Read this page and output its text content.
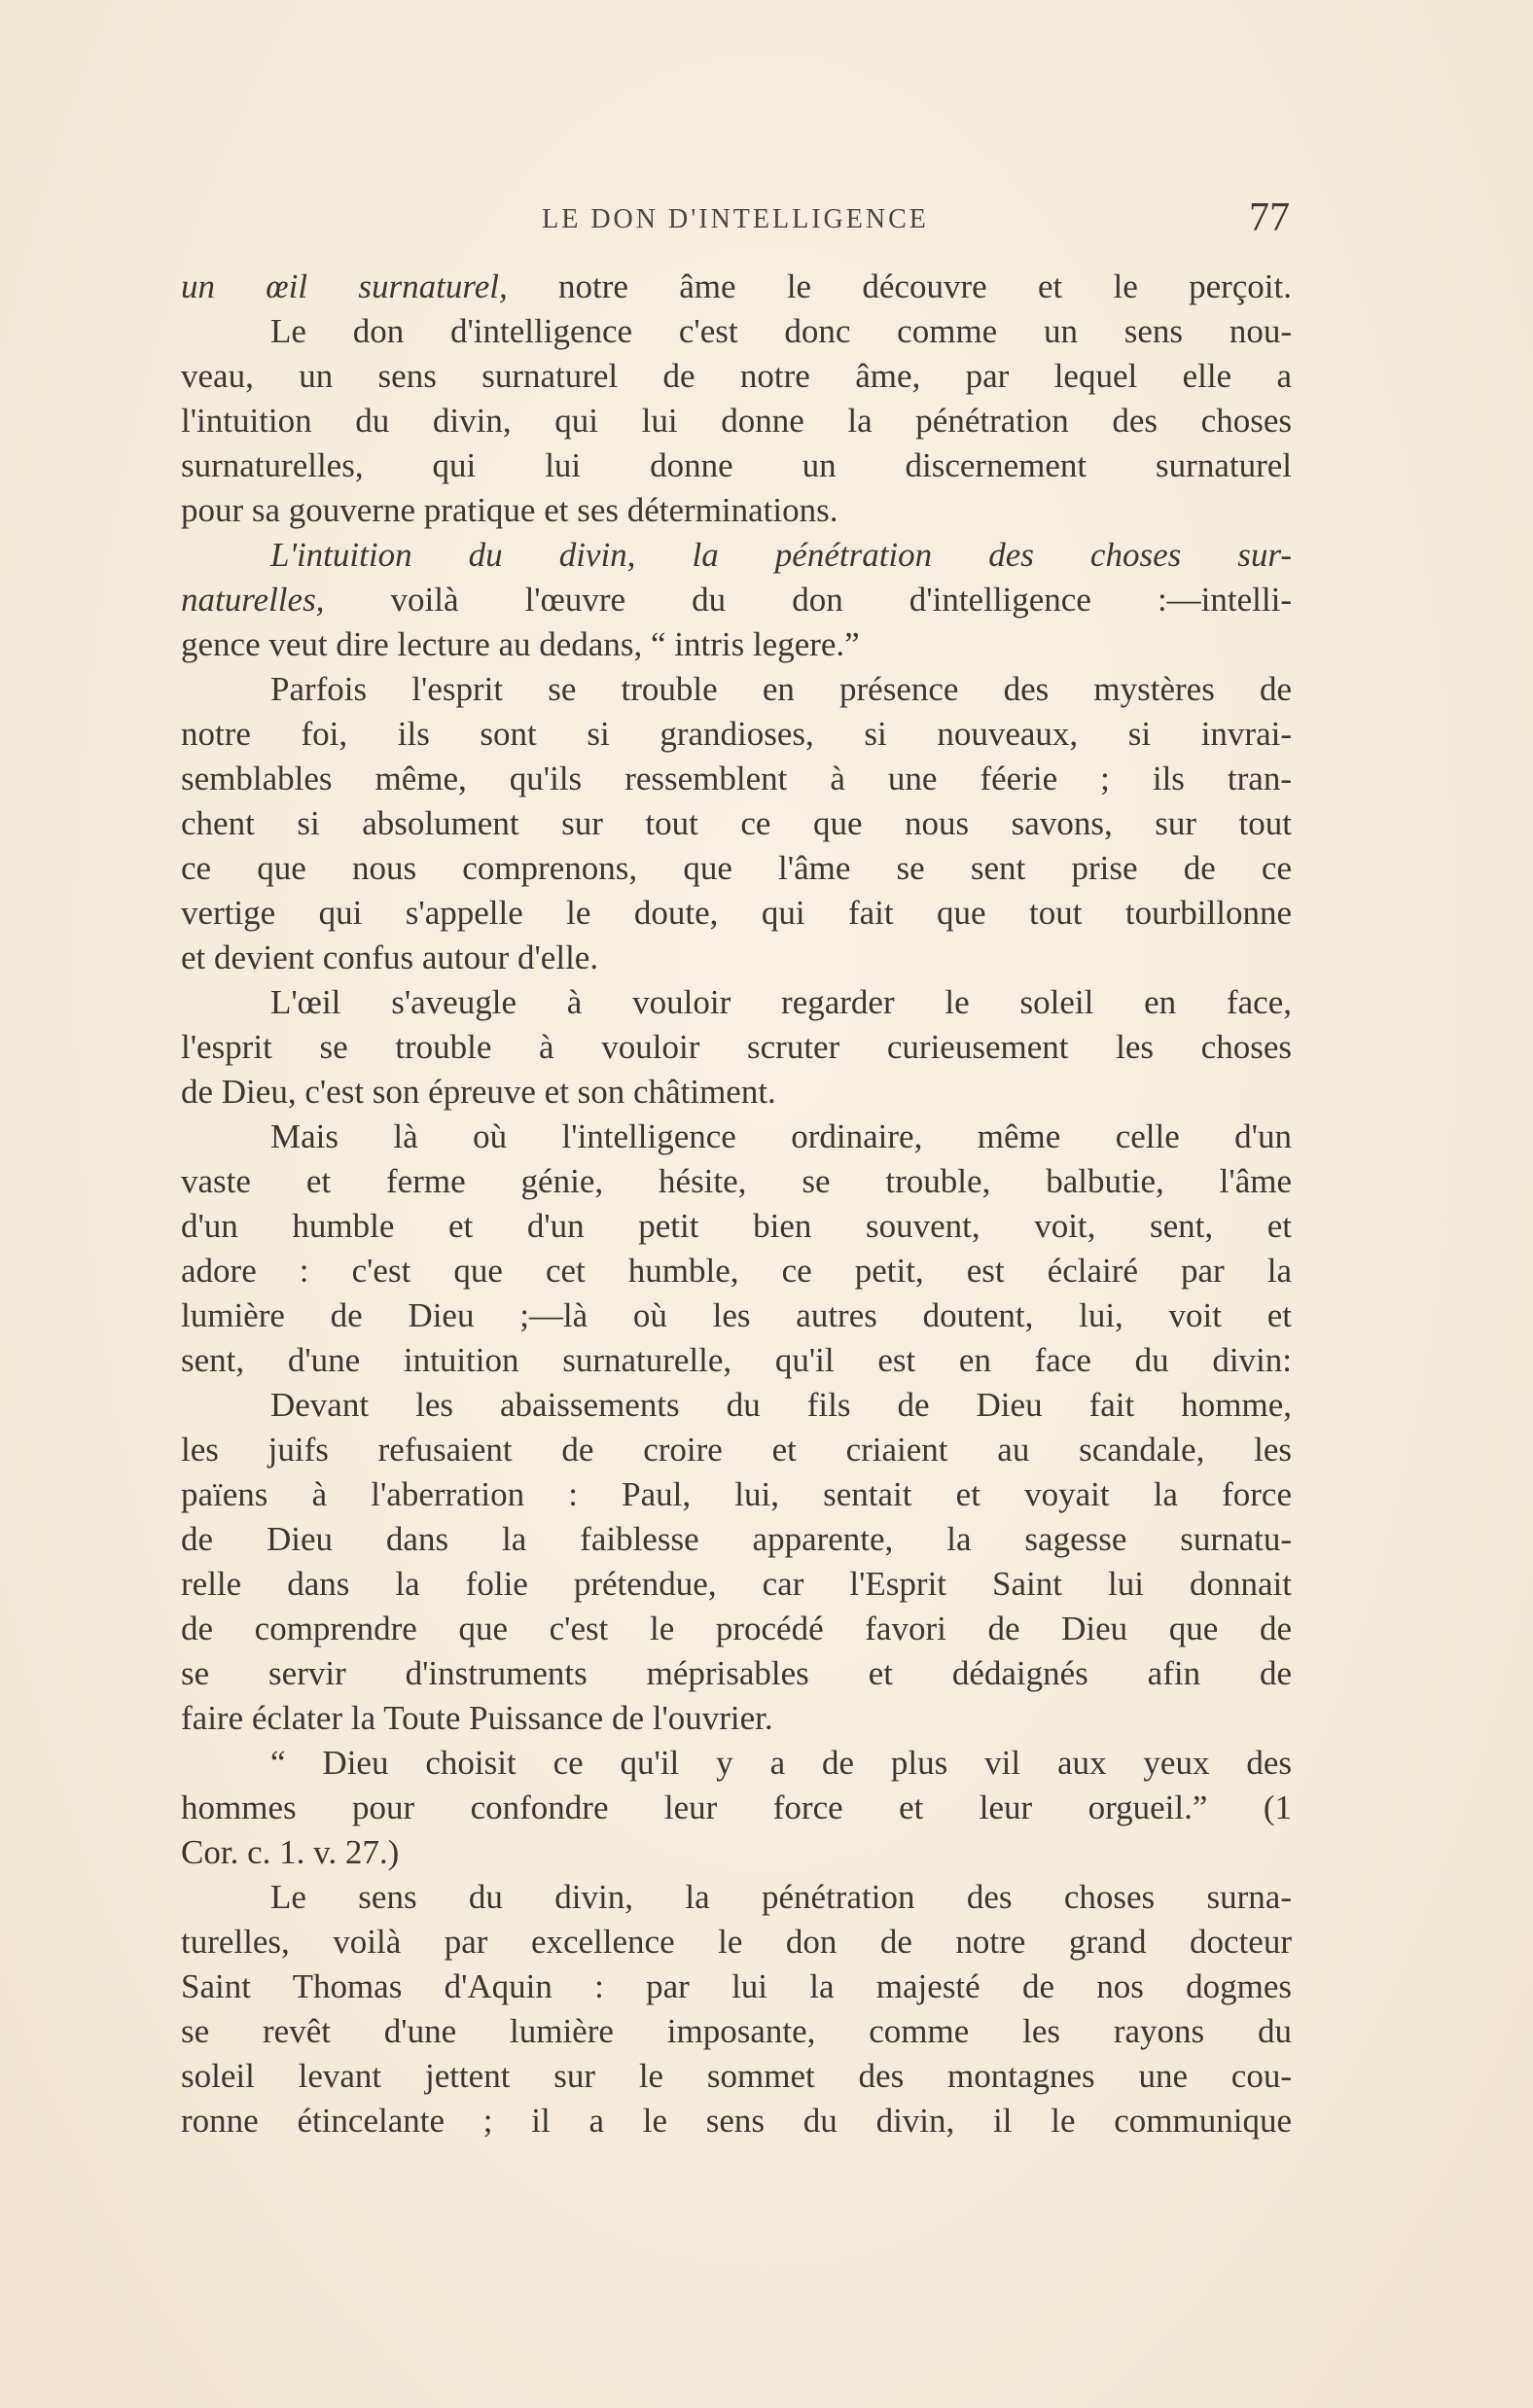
LE DON D'INTELLIGENCE	77
un œil surnaturel, notre âme le découvre et le perçoit.
Le don d'intelligence c'est donc comme un sens nou-
veau, un sens surnaturel de notre âme, par lequel elle a
l'intuition du divin, qui lui donne la pénétration des choses
surnaturelles, qui lui donne un discernement surnaturel
pour sa gouverne pratique et ses déterminations.
L'intuition du divin, la pénétration des choses sur-
naturelles, voilà l'œuvre du don d'intelligence :—intelli-
gence veut dire lecture au dedans, “ intris legere.”
Parfois l'esprit se trouble en présence des mystères de
notre foi, ils sont si grandioses, si nouveaux, si invrai-
semblables même, qu'ils ressemblent à une féerie ; ils tran-
chent si absolument sur tout ce que nous savons, sur tout
ce que nous comprenons, que l'âme se sent prise de ce
vertige qui s'appelle le doute, qui fait que tout tourbillonne
et devient confus autour d'elle.
L'œil s'aveugle à vouloir regarder le soleil en face,
l'esprit se trouble à vouloir scruter curieusement les choses
de Dieu, c'est son épreuve et son châtiment.
Mais là où l'intelligence ordinaire, même celle d'un
vaste et ferme génie, hésite, se trouble, balbutie, l'âme
d'un humble et d'un petit bien souvent, voit, sent, et
adore : c'est que cet humble, ce petit, est éclairé par la
lumière de Dieu ;—là où les autres doutent, lui, voit et
sent, d'une intuition surnaturelle, qu'il est en face du divin:
Devant les abaissements du fils de Dieu fait homme,
les juifs refusaient de croire et criaient au scandale, les
païens à l'aberration : Paul, lui, sentait et voyait la force
de Dieu dans la faiblesse apparente, la sagesse surnatu-
relle dans la folie prétendue, car l'Esprit Saint lui donnait
de comprendre que c'est le procédé favori de Dieu que de
se servir d'instruments méprisables et dédaignés afin de
faire éclater la Toute Puissance de l'ouvrier.
“ Dieu choisit ce qu'il y a de plus vil aux yeux des
hommes pour confondre leur force et leur orgueil.” (1
Cor. c. 1. v. 27.)
Le sens du divin, la pénétration des choses surna-
turelles, voilà par excellence le don de notre grand docteur
Saint Thomas d'Aquin : par lui la majesté de nos dogmes
se revêt d'une lumière imposante, comme les rayons du
soleil levant jettent sur le sommet des montagnes une cou-
ronne étincelante ; il a le sens du divin, il le communique
